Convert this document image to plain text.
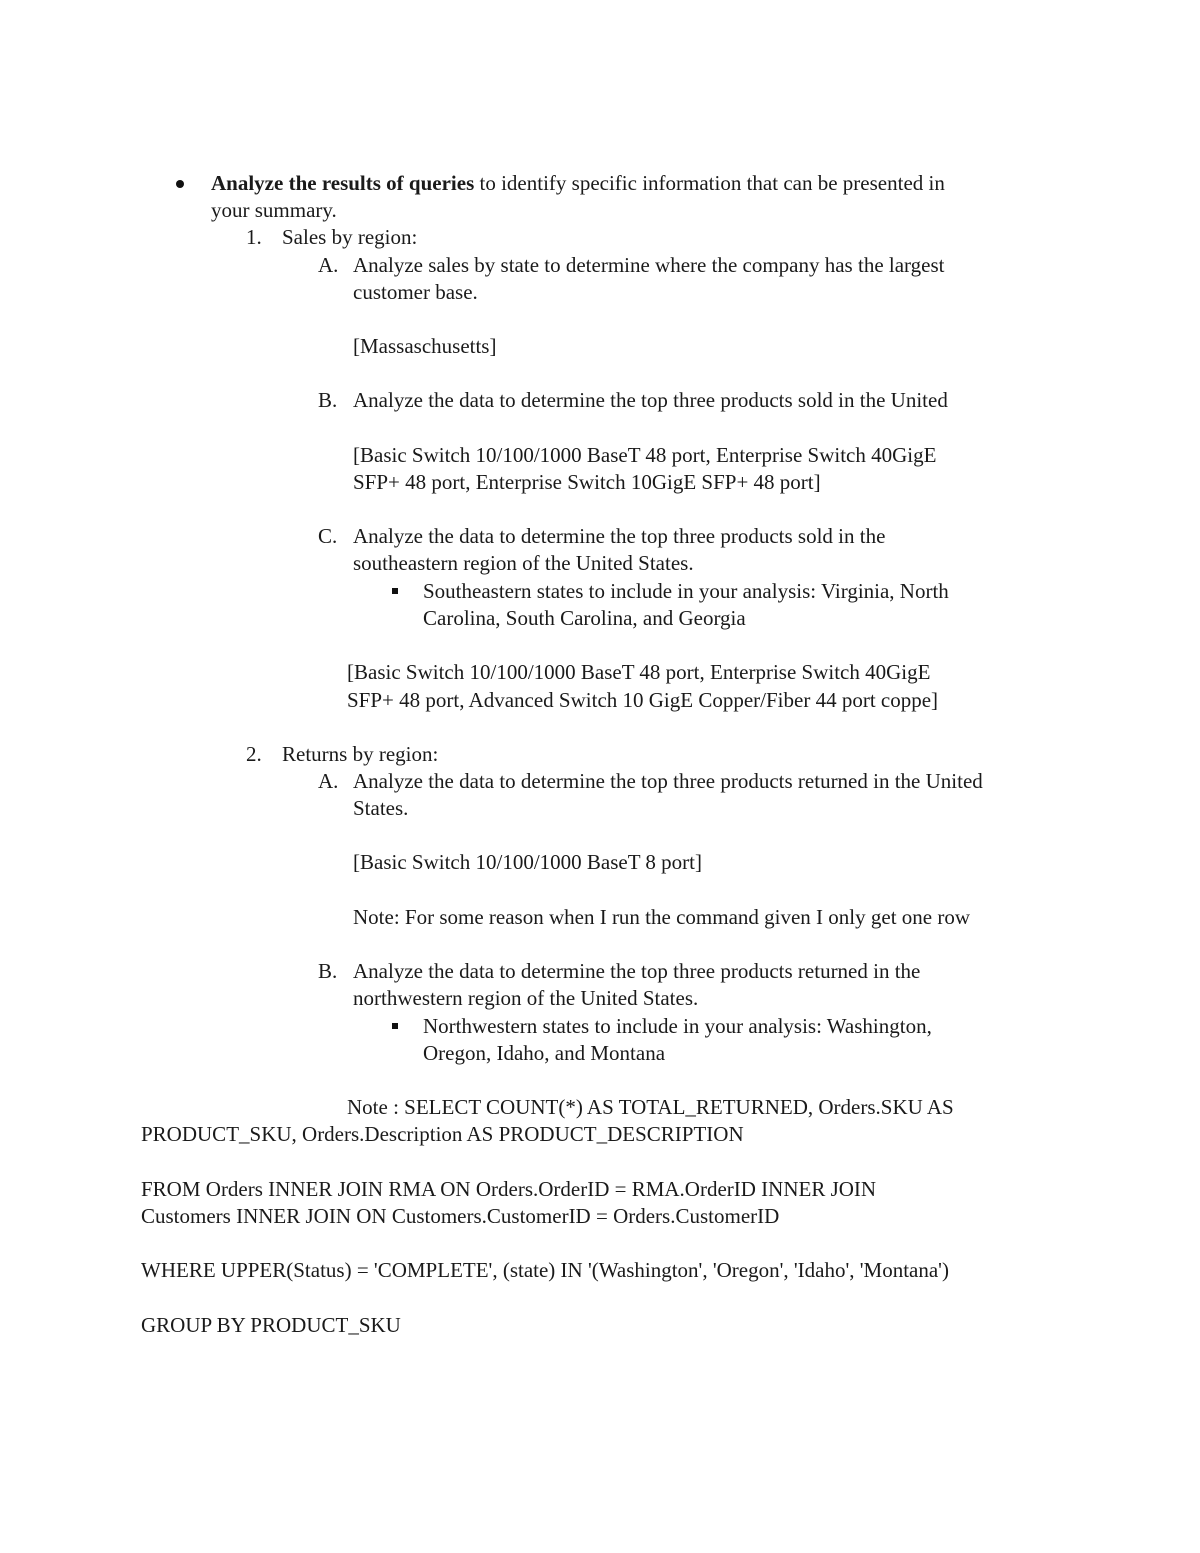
Analyze the results of queries to identify specific information that can be presented in

your summary.

1. Sales by region:

A. Analyze sales by state to determine where the company has the largest

customer base.

[Massaschusetts]

B. Analyze the data to determine the top three products sold in the United

[Basic Switch 10/100/1000 BaseT 48 port, Enterprise Switch 40GigE

SFP+ 48 port, Enterprise Switch 10GigE SFP+ 48 port]

C. Analyze the data to determine the top three products sold in the

southeastern region of the United States.

Southeastern states to include in your analysis: Virginia, North

Carolina, South Carolina, and Georgia

[Basic Switch 10/100/1000 BaseT 48 port, Enterprise Switch 40GigE

SFP+ 48 port, Advanced Switch 10 GigE Copper/Fiber 44 port coppe]

2. Returns by region:

A. Analyze the data to determine the top three products returned in the United

States.

[Basic Switch 10/100/1000 BaseT 8 port]

Note: For some reason when I run the command given I only get one row

B. Analyze the data to determine the top three products returned in the

northwestern region of the United States.

Northwestern states to include in your analysis: Washington,

Oregon, Idaho, and Montana

Note : SELECT COUNT(*) AS TOTAL_RETURNED, Orders.SKU AS

PRODUCT_SKU, Orders.Description AS PRODUCT_DESCRIPTION

FROM Orders INNER JOIN RMA ON Orders.OrderID = RMA.OrderID INNER JOIN

Customers INNER JOIN ON Customers.CustomerID = Orders.CustomerID

WHERE UPPER(Status) = 'COMPLETE', (state) IN '(Washington', 'Oregon', 'Idaho', 'Montana')

GROUP BY PRODUCT_SKU
